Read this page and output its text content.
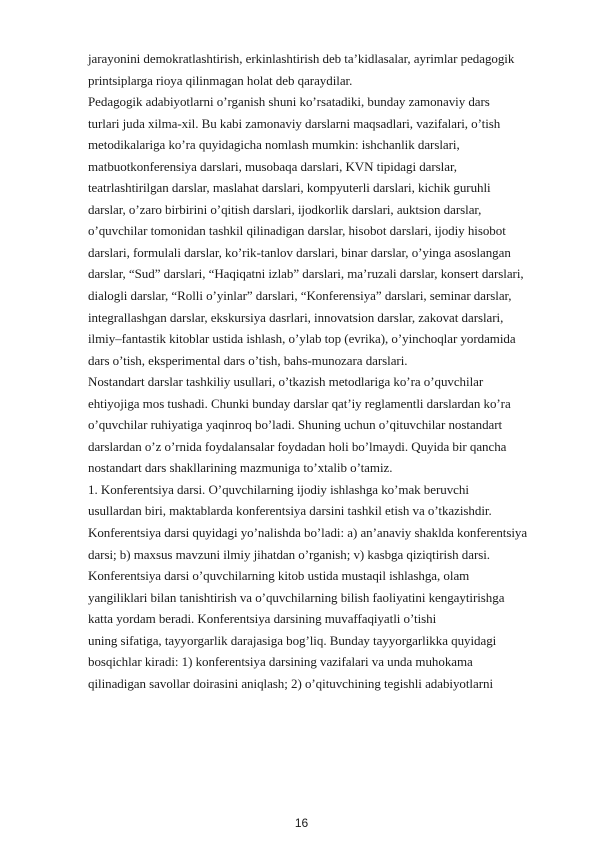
jarayonini demokratlashtirish, erkinlashtirish deb ta’kidlasalar, ayrimlar pedagogik
printsiplarga rioya qilinmagan holat deb qaraydilar.
Pedagogik adabiyotlarni o’rganish shuni ko’rsatadiki, bunday zamonaviy dars
turlari juda xilma-xil. Bu kabi zamonaviy darslarni maqsadlari, vazifalari, o’tish
metodikalariga ko’ra quyidagicha nomlash mumkin: ishchanlik darslari,
matbuotkonferensiya darslari, musobaqa darslari, KVN tipidagi darslar,
teatrlashtirilgan darslar, maslahat darslari, kompyuterli darslari, kichik guruhli
darslar, o’zaro birbirini o’qitish darslari, ijodkorlik darslari, auktsion darslar,
o’quvchilar tomonidan tashkil qilinadigan darslar, hisobot darslari, ijodiy hisobot
darslari, formulali darslar, ko’rik-tanlov darslari, binar darslar, o’yinga asoslangan
darslar, “Sud” darslari, “Haqiqatni izlab” darslari, ma’ruzali darslar, konsert darslari,
dialogli darslar, “Rolli o’yinlar” darslari, “Konferensiya” darslari, seminar darslar,
integrallashgan darslar, ekskursiya dasrlari, innovatsion darslar, zakovat darslari,
ilmiy–fantastik kitoblar ustida ishlash, o’ylab top (evrika), o’yinchoqlar yordamida
dars o’tish, eksperimental dars o’tish, bahs-munozara darslari.
Nostandart darslar tashkiliy usullari, o’tkazish metodlariga ko’ra o’quvchilar
ehtiyojiga mos tushadi. Chunki bunday darslar qat’iy reglamentli darslardan ko’ra
o’quvchilar ruhiyatiga yaqinroq bo’ladi. Shuning uchun o’qituvchilar nostandart
darslardan o’z o’rnida foydalansalar foydadan holi bo’lmaydi. Quyida bir qancha
nostandart dars shakllarining mazmuniga to’xtalib o’tamiz.
1. Konferentsiya darsi. O’quvchilarning ijodiy ishlashga ko’mak beruvchi
usullardan biri, maktablarda konferentsiya darsini tashkil etish va o’tkazishdir.
Konferentsiya darsi quyidagi yo’nalishda bo’ladi: a) an’anaviy shaklda konferentsiya
darsi; b) maxsus mavzuni ilmiy jihatdan o’rganish; v) kasbga qiziqtirish darsi.
Konferentsiya darsi o’quvchilarning kitob ustida mustaqil ishlashga, olam
yangiliklari bilan tanishtirish va o’quvchilarning bilish faoliyatini kengaytirishga
katta yordam beradi. Konferentsiya darsining muvaffaqiyatli o’tishi
uning sifatiga, tayyorgarlik darajasiga bog’liq. Bunday tayyorgarlikka quyidagi
bosqichlar kiradi: 1) konferentsiya darsining vazifalari va unda muhokama
qilinadigan savollar doirasini aniqlash; 2) o’qituvchining tegishli adabiyotlarni
16
